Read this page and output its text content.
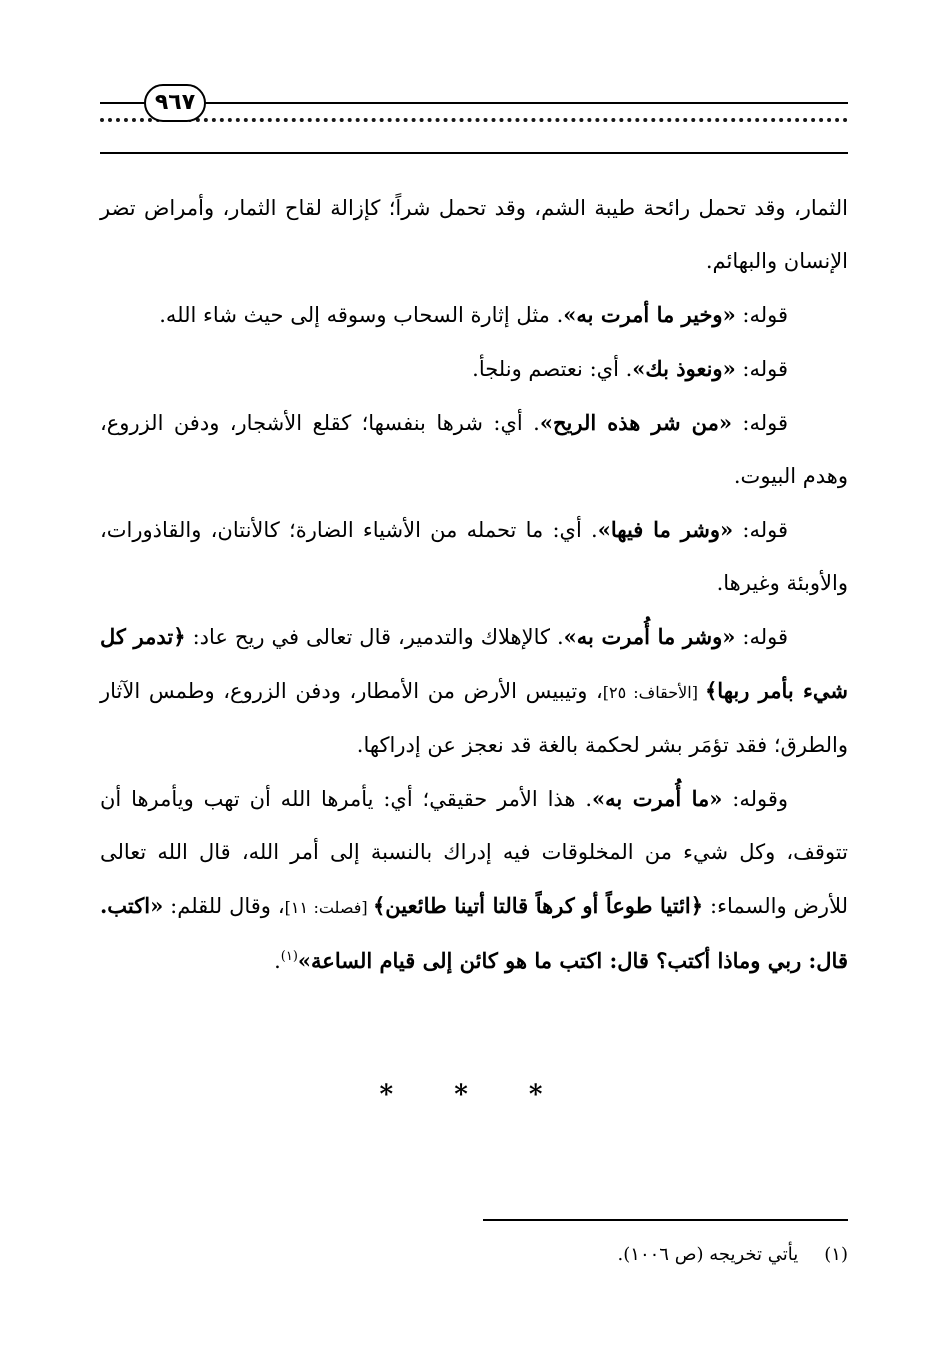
٩٦٧

الثمار، وقد تحمل رائحة طيبة الشم، وقد تحمل شراً؛ كإزالة لقاح الثمار، وأمراض تضر الإنسان والبهائم.

قوله: «وخير ما أمرت به». مثل إثارة السحاب وسوقه إلى حيث شاء الله.

قوله: «ونعوذ بك». أي: نعتصم ونلجأ.

قوله: «من شر هذه الريح». أي: شرها بنفسها؛ كقلع الأشجار، ودفن الزروع، وهدم البيوت.

قوله: «وشر ما فيها». أي: ما تحمله من الأشياء الضارة؛ كالأنتان، والقاذورات، والأوبئة وغيرها.

قوله: «وشر ما أُمرت به». كالإهلاك والتدمير، قال تعالى في ريح عاد: ﴿تدمر كل شيء بأمر ربها﴾ [الأحقاف: ٢٥]، وتيبيس الأرض من الأمطار، ودفن الزروع، وطمس الآثار والطرق؛ فقد تؤمَر بشر لحكمة بالغة قد نعجز عن إدراكها.

وقوله: «ما أُمرت به». هذا الأمر حقيقي؛ أي: يأمرها الله أن تهب ويأمرها أن تتوقف، وكل شيء من المخلوقات فيه إدراك بالنسبة إلى أمر الله، قال الله تعالى للأرض والسماء: ﴿ائتيا طوعاً أو كرهاً قالتا أتينا طائعين﴾ [فصلت: ١١]، وقال للقلم: «اكتب. قال: ربي وماذا أكتب؟ قال: اكتب ما هو كائن إلى قيام الساعة»$^{(١)}$.

* * *
(١)يأتي تخريجه (ص ١٠٠٦).
